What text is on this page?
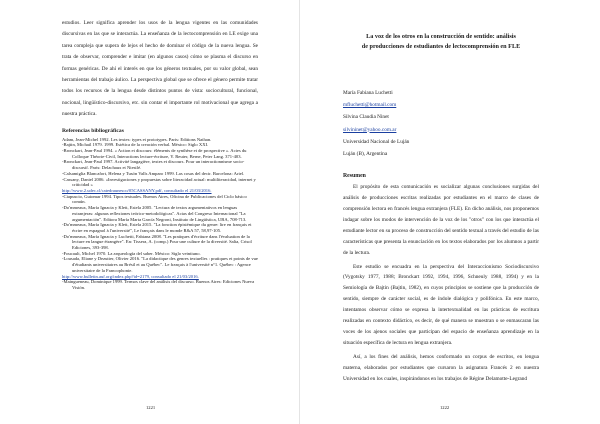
estudios. Leer significa aprender los usos de la lengua vigentes en las comunidades discursivas en las que se interactúa. La enseñanza de la lectocomprensión en LE exige una tarea compleja que supera de lejos el hecho de dominar el código de la nueva lengua. Se trata de observar, comprender e imitar (en algunos casos) cómo se plasma el discurso en formas genéricas. De ahí el interés en que los géneros textuales, por su valor global, sean herramientas del trabajo áulico. La perspectiva global que se ofrece el género permite tratar todos los recursos de la lengua desde distintos puntos de vista: sociocultural, funcional, nocional, lingüístico-discursivo, etc. sin contar el importante rol motivacional que agrega a nuestra práctica.

Referencias bibliográficas
Adam, Jean-Michel 1992. Les textes: types et prototypes. Paris: Editions Nathan.
-Bajtin, Michail 1979. 1999. Estética de la creación verbal. México: Siglo XXI.
-Bronckart, Jean-Paul 1994. « Action et discours: éléments de synthèse et de prospective ». Actes du Colloque Théorie-Civil, Interactions lecture-écriture, Y. Reuter, Berne, Peter Lang. 371-403.
-Bronckart, Jean-Paul 1997. Activité langagière, textes et discours. Pour un interactionnisme socio-discursif. Paris: Delachaux et Niestlé.
-Calsamiglia Blancafort, Helena y Tusón Valls Amparo 1999. Las cosas del decir. Barcelona: Ariel.
-Cassany, Daniel 2006. «Investigaciones y propuestas sobre literacidad actual: multiliteracidad, internet y criticidad »
http://www.2.udec.cl/catedraunesco/05CASSANY.pdf, consultado el 21/03/2016.
-Ciapuscio, Guiomar 1994. Tipos textuales. Buenos Aires, Oficina de Publicaciones del Ciclo básico común.
-Do'mmeaux, María Ignacia y Klett, Estela 2005. "Lectura de textos argumentativos en lenguas extranjeras: algunas reflexiones teórico-metodológicas". Actas del Congreso Internacional "La argumentación". Editora María Marta García Negroni, Instituto de Lingüística, UBA, 708-713.
-Do'mmeaux, María Ignacia y Klett, Estela 2015. "La fonction épistémique du genre: lire en français et écrire en espagnol à l'université", Le français dans le monde R&A 57, 58,97-105.
-Do'mmeaux, María Ignacia y Luchetti, Fabiana 2008. "Les pratiques d'écriture dans l'évaluation de la lecture en langue étrangère". En: Tissera, A. (comp.) Pour une culture de la diversité. Salta, Crisol Ediciones, 393-398.
-Foucault, Michel 1970. La arqueología del saber. México: Siglo veintiuno.
-Lousada, Eliane y Dezutter, Olivier 2016. "La didactique des genres textuelles : pratiques et points de vue d'étudiants universitaires au Brésil et au Québec". Le français à l'université n°1. Québec : Agence universitaire de la Francophonie.
http://www.bulletin.auf.org/index.php?id=2179, consultado el 21/03/2016.
-Maingueneau, Dominique 1999. Termos clave del análisis del discurso. Buenos Aires: Ediciones Nueva Visión.
1221
La voz de los otros en la construcción de sentido: análisis
de producciones de estudiantes de lectocomprensión en FLE
María Fabiana Luchetti
mfluchetti@hotmail.com
Silvina Claudia Ninet
silvininet@yahoo.com.ar
Universidad Nacional de Luján
Luján (B), Argentina
Resumen

El propósito de esta comunicación es socializar algunas conclusiones surgidas del análisis de producciones escritas realizadas por estudiantes en el marco de clases de comprensión lectora en francés lengua extranjera (FLE). En dicho análisis, nos proponemos indagar sobre los modos de intervención de la voz de los "otros" con los que interactúa el estudiante lector en su proceso de construcción del sentido textual a través del estudio de las características que presenta la enunciación en los textos elaborados por los alumnos a partir de la lectura.

Este estudio se encuadra en la perspectiva del Interaccionismo Sociodiscursivo (Vygotsky 1977, 1988; Bronckart 1992, 1994, 1996, Schneuly 1988, 1994) y en la Semiología de Bajtin (Bajtin, 1982), en cuyos principios se sostiene que la producción de sentido, siempre de carácter social, es de índole dialógica y polifónica. En este marco, intentamos observar cómo se expresa la intertextualidad en las prácticas de escritura realizadas en contexto didáctico, es decir, de qué manera se muestran o se enmascaran las voces de los ajenos sociales que participan del espacio de enseñanza aprendizaje en la situación específica de lectura en lengua extranjera.

Así, a los fines del análisis, hemos conformado un corpus de escritos, en lengua materna, elaborados por estudiantes que cursaron la asignatura Francés 2 en nuestra Universidad en los cuales, inspirándonos en los trabajos de Régine Delamotte-Legrand

1222
